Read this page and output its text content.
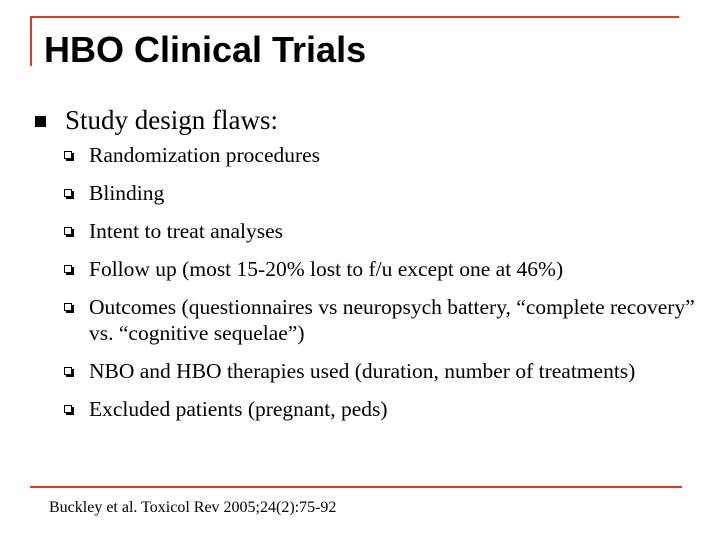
HBO Clinical Trials
Study design flaws:
Randomization procedures
Blinding
Intent to treat analyses
Follow up (most 15-20% lost to f/u except one at 46%)
Outcomes (questionnaires vs neuropsych battery, “complete recovery” vs. “cognitive sequelae”)
NBO and HBO therapies used (duration, number of treatments)
Excluded patients (pregnant, peds)
Buckley et al. Toxicol Rev 2005;24(2):75-92
